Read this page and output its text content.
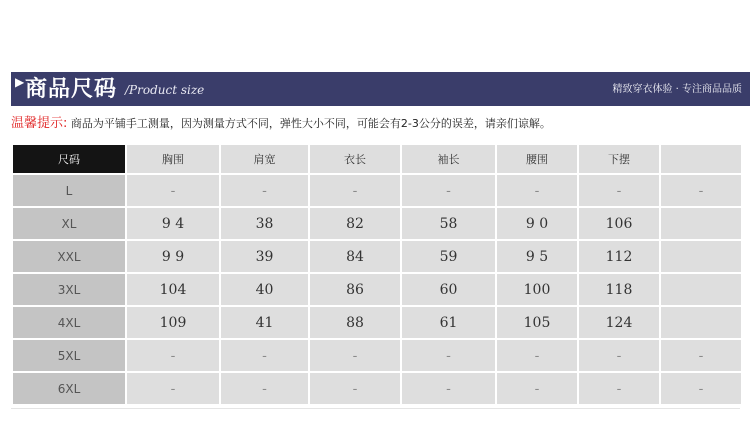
▶ 商品尺码 /Product size	精致穿衣体验 · 专注商品品质
温馨提示: 商品为平铺手工测量，因为测量方式不同，弹性大小不同，可能会有2-3公分的误差，请亲们谅解。
尺码	胸围	肩宽	衣长	袖长	腰围	下摆	
L	-	-	-	-	-	-	-
XL	9 4	38	82	58	9 0	106	
XXL	9 9	39	84	59	9 5	112	
3XL	104	40	86	60	100	118	
4XL	109	41	88	61	105	124	
5XL	-	-	-	-	-	-	-
6XL	-	-	-	-	-	-	-
